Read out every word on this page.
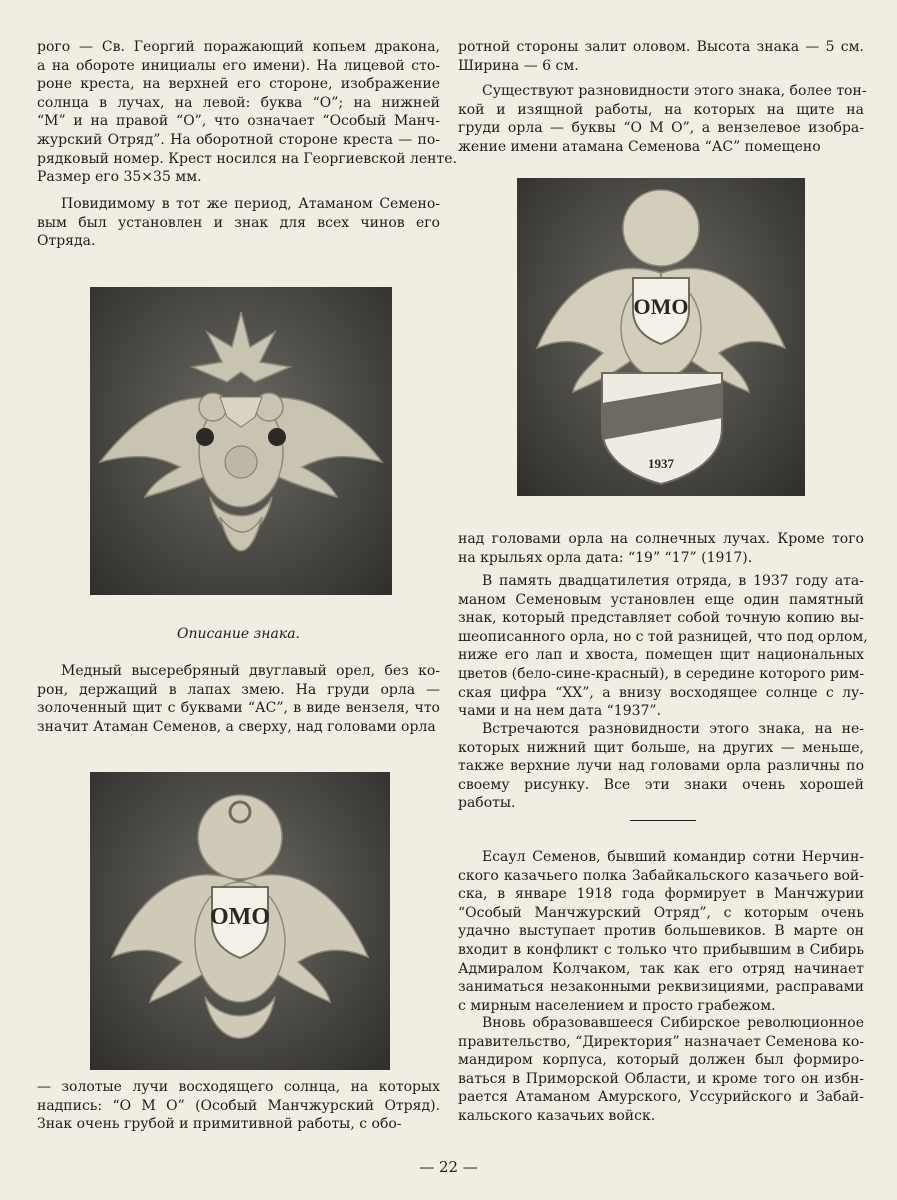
рого — Св. Георгий поражающий копьем дракона,
а на обороте инициалы его имени). На лицевой сто-
роне креста, на верхней его стороне, изображение
солнца в лучах, на левой: буква “О”; на нижней
“М” и на правой “О”, что означает “Особый Манч-
журский Отряд”. На оборотной стороне креста — по-
рядковый номер. Крест носился на Георгиевской ленте.
Размер его 35×35 мм.
Повидимому в тот же период, Атаманом Семено-
вым был установлен и знак для всех чинов его
Отряда.
Описание знака.
Медный высеребряный двуглавый орел, без ко-
рон, держащий в лапах змею. На груди орла —
золоченный щит с буквами “АС”, в виде вензеля, что
значит Атаман Семенов, а сверху, над головами орла
ОМО
— золотые лучи восходящего солнца, на которых
надпись: “О М О” (Особый Манчжурский Отряд).
Знак очень грубой и примитивной работы, с обо-
ротной стороны залит оловом. Высота знака — 5 см.
Ширина — 6 см.
Существуют разновидности этого знака, более тон-
кой и изящной работы, на которых на щите на
груди орла — буквы “О М О”, а вензелевое изобра-
жение имени атамана Семенова “АС” помещено
ОМО
1937
над головами орла на солнечных лучах. Кроме того
на крыльях орла дата: “19” “17” (1917).
В память двадцатилетия отряда, в 1937 году ата-
маном Семеновым установлен еще один памятный
знак, который представляет собой точную копию вы-
шеописанного орла, но с той разницей, что под орлом,
ниже его лап и хвоста, помещен щит национальных
цветов (бело-сине-красный), в середине которого рим-
ская цифра “XX”, а внизу восходящее солнце с лу-
чами и на нем дата “1937”.
Встречаются разновидности этого знака, на не-
которых нижний щит больше, на других — меньше,
также верхние лучи над головами орла различны по
своему рисунку. Все эти знаки очень хорошей
работы.
Есаул Семенов, бывший командир сотни Нерчин-
ского казачьего полка Забайкальского казачьего вой-
ска, в январе 1918 года формирует в Манчжурии
“Особый Манчжурский Отряд”, с которым очень
удачно выступает против большевиков. В марте он
входит в конфликт с только что прибывшим в Сибирь
Адмиралом Колчаком, так как его отряд начинает
заниматься незаконными реквизициями, расправами
с мирным населением и просто грабежом.
Вновь образовавшееся Сибирское революционное
правительство, “Директория” назначает Семенова ко-
мандиром корпуса, который должен был формиро-
ваться в Приморской Области, и кроме того он избн-
рается Атаманом Амурского, Уссурийского и Забай-
кальского казачьих войск.
— 22 —
